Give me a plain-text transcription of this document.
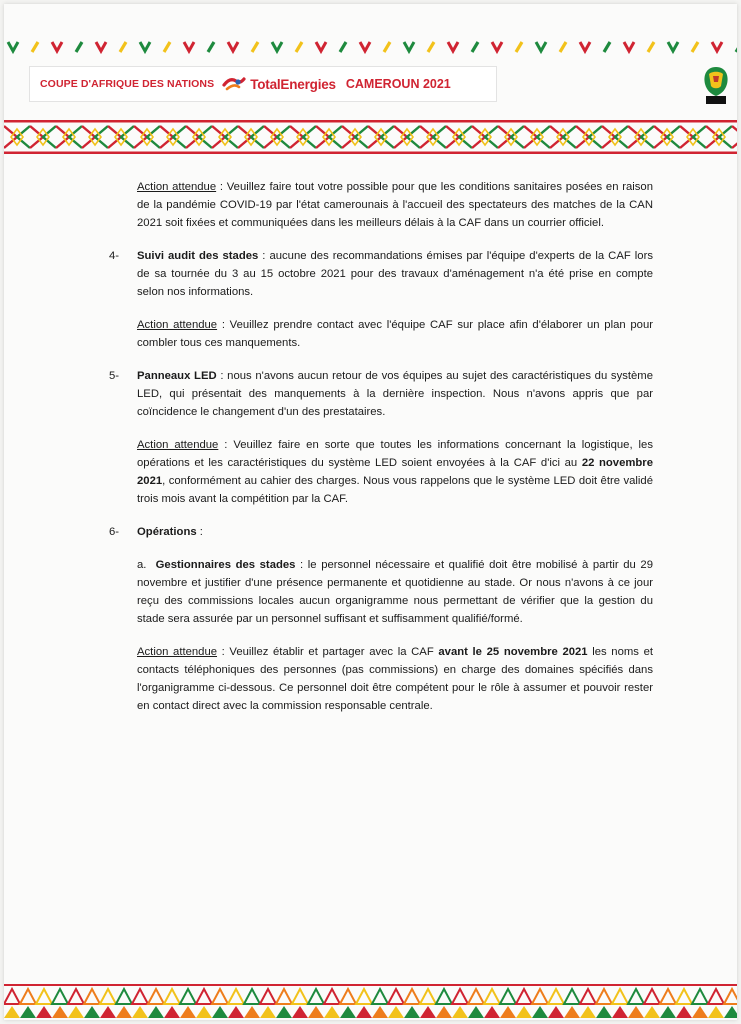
COUPE D'AFRIQUE DES NATIONS	TotalEnergies CAMEROUN 2021

Action attendue : Veuillez faire tout votre possible pour que les conditions sanitaires posées en raison de la pandémie COVID-19 par l'état camerounais à l'accueil des spectateurs des matches de la CAN 2021 soit fixées et communiquées dans les meilleurs délais à la CAF dans un courrier officiel.

4-	Suivi audit des stades : aucune des recommandations émises par l'équipe d'experts de la CAF lors de sa tournée du 3 au 15 octobre 2021 pour des travaux d'aménagement n'a été prise en compte selon nos informations.

Action attendue : Veuillez prendre contact avec l'équipe CAF sur place afin d'élaborer un plan pour combler tous ces manquements.

5-	Panneaux LED : nous n'avons aucun retour de vos équipes au sujet des caractéristiques du système LED, qui présentait des manquements à la dernière inspection. Nous n'avons appris que par coïncidence le changement d'un des prestataires.

Action attendue : Veuillez faire en sorte que toutes les informations concernant la logistique, les opérations et les caractéristiques du système LED soient envoyées à la CAF d'ici au 22 novembre 2021, conformément au cahier des charges. Nous vous rappelons que le système LED doit être validé trois mois avant la compétition par la CAF.

6-	Opérations :

a. Gestionnaires des stades : le personnel nécessaire et qualifié doit être mobilisé à partir du 29 novembre et justifier d'une présence permanente et quotidienne au stade. Or nous n'avons à ce jour reçu des commissions locales aucun organigramme nous permettant de vérifier que la gestion du stade sera assurée par un personnel suffisant et suffisamment qualifié/formé.

Action attendue : Veuillez établir et partager avec la CAF avant le 25 novembre 2021 les noms et contacts téléphoniques des personnes (pas commissions) en charge des domaines spécifiés dans l'organigramme ci-dessous. Ce personnel doit être compétent pour le rôle à assumer et pouvoir rester en contact direct avec la commission responsable centrale.
